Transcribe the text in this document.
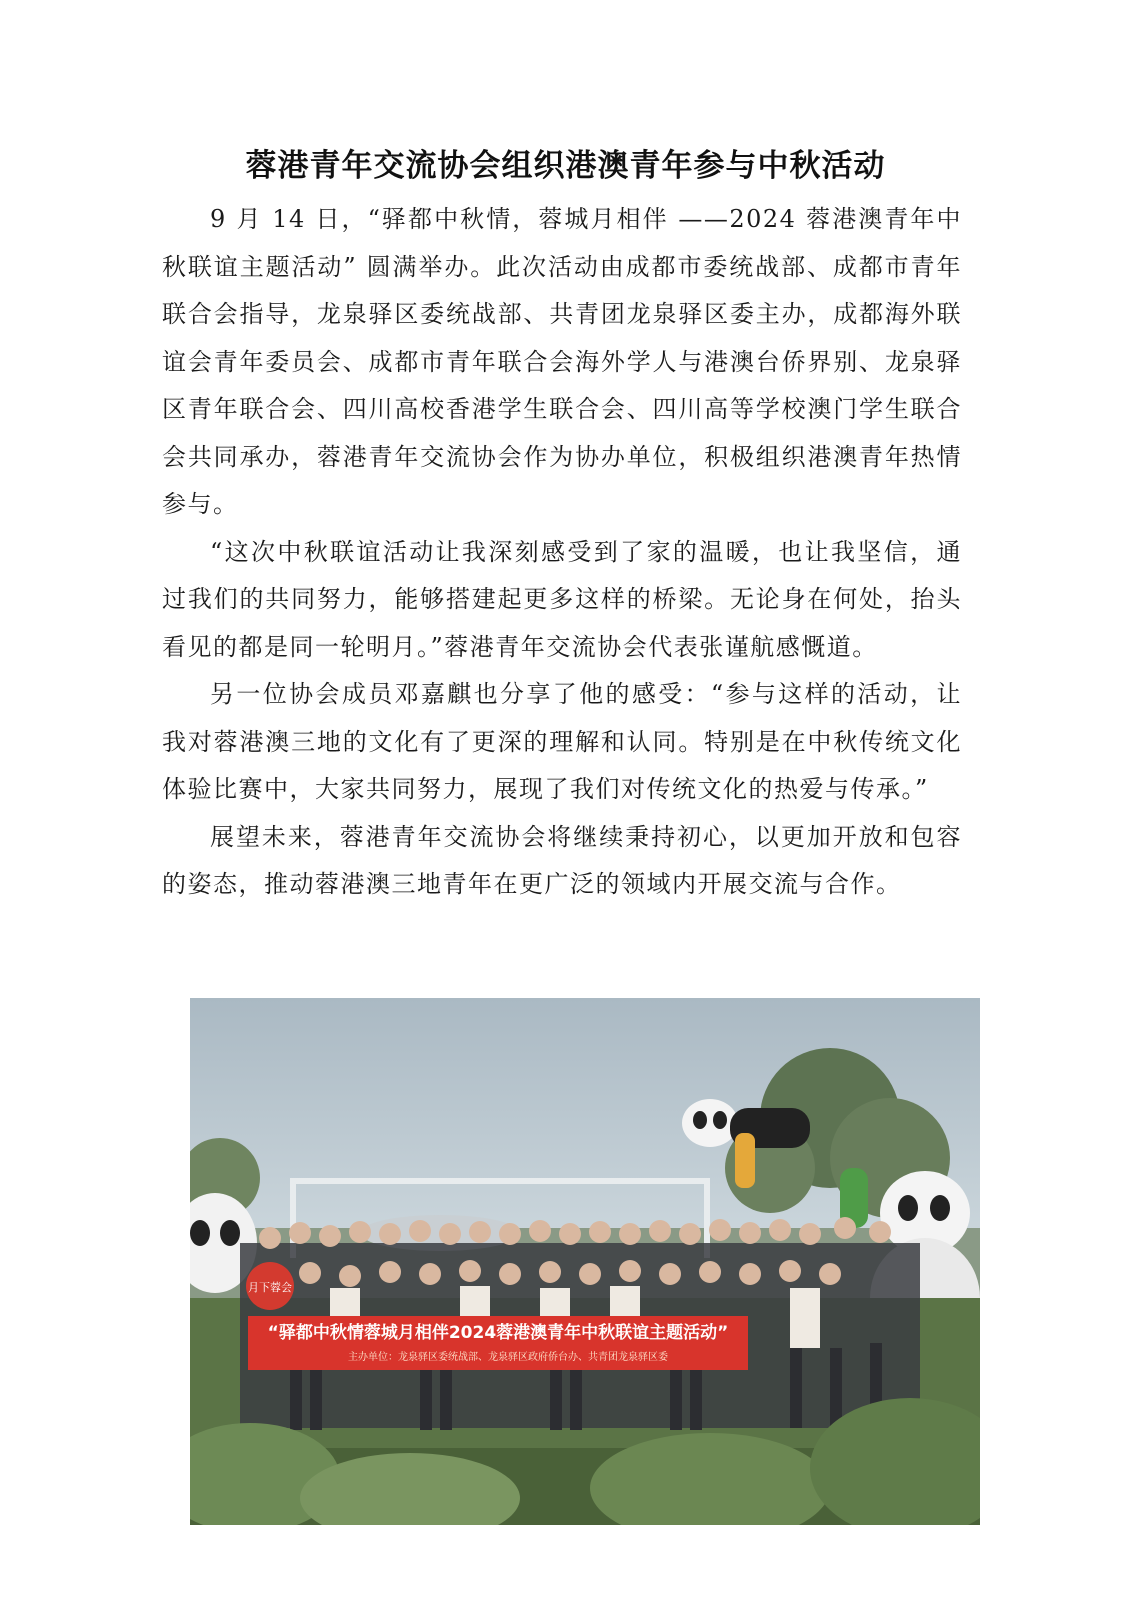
蓉港青年交流协会组织港澳青年参与中秋活动

9 月 14 日，“驿都中秋情，蓉城月相伴 ——2024 蓉港澳青年中秋联谊主题活动” 圆满举办。此次活动由成都市委统战部、成都市青年联合会指导，龙泉驿区委统战部、共青团龙泉驿区委主办，成都海外联谊会青年委员会、成都市青年联合会海外学人与港澳台侨界别、龙泉驿区青年联合会、四川高校香港学生联合会、四川高等学校澳门学生联合会共同承办，蓉港青年交流协会作为协办单位，积极组织港澳青年热情参与。

“这次中秋联谊活动让我深刻感受到了家的温暖，也让我坚信，通过我们的共同努力，能够搭建起更多这样的桥梁。无论身在何处，抬头看见的都是同一轮明月。”蓉港青年交流协会代表张谨航感慨道。

另一位协会成员邓嘉麒也分享了他的感受：“参与这样的活动，让我对蓉港澳三地的文化有了更深的理解和认同。特别是在中秋传统文化体验比赛中，大家共同努力，展现了我们对传统文化的热爱与传承。”

展望未来，蓉港青年交流协会将继续秉持初心，以更加开放和包容的姿态，推动蓉港澳三地青年在更广泛的领域内开展交流与合作。

月下蓉会
“驿都中秋情蓉城月相伴2024蓉港澳青年中秋联谊主题活动”
主办单位：龙泉驿区委统战部、龙泉驿区政府侨台办、共青团龙泉驿区委
